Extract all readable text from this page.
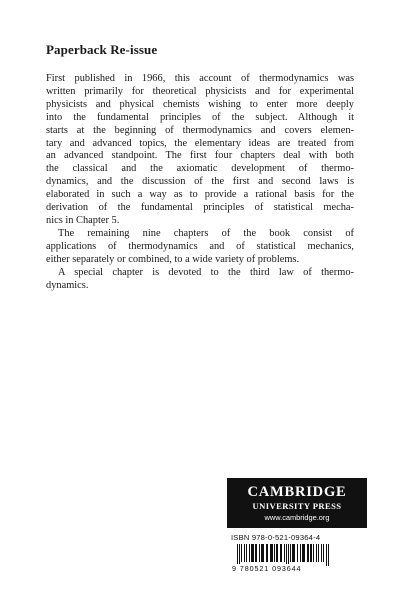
Paperback Re-issue
First published in 1966, this account of thermodynamics was
written primarily for theoretical physicists and for experimental
physicists and physical chemists wishing to enter more deeply
into the fundamental principles of the subject. Although it
starts at the beginning of thermodynamics and covers elemen-
tary and advanced topics, the elementary ideas are treated from
an advanced standpoint. The first four chapters deal with both
the classical and the axiomatic development of thermo-
dynamics, and the discussion of the first and second laws is
elaborated in such a way as to provide a rational basis for the
derivation of the fundamental principles of statistical mecha-
nics in Chapter 5.
The remaining nine chapters of the book consist of
applications of thermodynamics and of statistical mechanics,
either separately or combined, to a wide variety of problems.
A special chapter is devoted to the third law of thermo-
dynamics.
CAMBRIDGE
UNIVERSITY PRESS
www.cambridge.org
ISBN 978-0-521-09364-4
9 780521 093644
